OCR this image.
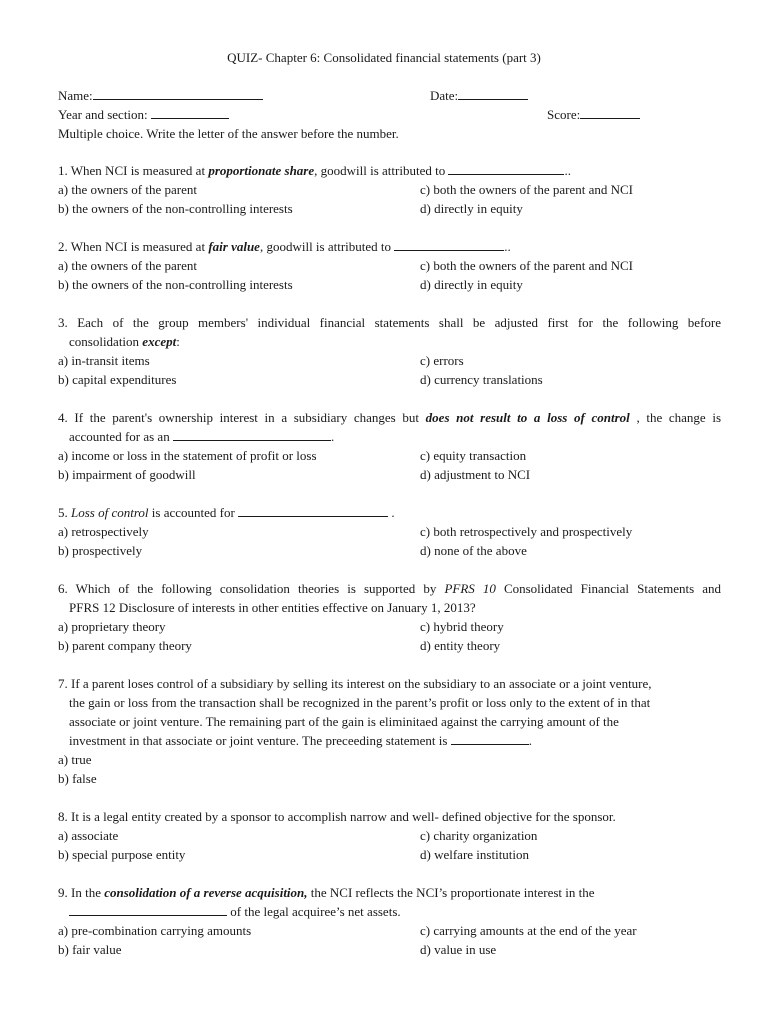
QUIZ- Chapter 6: Consolidated financial statements (part 3)
Name:	Date:
Year and section:	Score:
Multiple choice. Write the letter of the answer before the number.
1. When NCI is measured at proportionate share, goodwill is attributed to	..
a) the owners of the parent	c) both the owners of the parent and NCI
b) the owners of the non-controlling interests	d) directly in equity
2. When NCI is measured at fair value, goodwill is attributed to	..
a) the owners of the parent	c) both the owners of the parent and NCI
b) the owners of the non-controlling interests	d) directly in equity
3. Each of the group members' individual financial statements shall be adjusted first for the following before
consolidation except:
a) in-transit items	c) errors
b) capital expenditures	d) currency translations
4. If the parent's ownership interest in a subsidiary changes but does not result to a loss of control , the change is
accounted for as an	.
a) income or loss in the statement of profit or loss	c) equity transaction
b) impairment of goodwill	d) adjustment to NCI
5. Loss of control is accounted for	.
a) retrospectively	c) both retrospectively and prospectively
b) prospectively	d) none of the above
6. Which of the following consolidation theories is supported by PFRS 10 Consolidated Financial Statements and
PFRS 12 Disclosure of interests in other entities effective on January 1, 2013?
a) proprietary theory	c) hybrid theory
b) parent company theory	d) entity theory
7. If a parent loses control of a subsidiary by selling its interest on the subsidiary to an associate or a joint venture,
the gain or loss from the transaction shall be recognized in the parent’s profit or loss only to the extent of in that
associate or joint venture. The remaining part of the gain is eliminitaed against the carrying amount of the
investment in that associate or joint venture. The preceeding statement is	.
a) true
b) false
8. It is a legal entity created by a sponsor to accomplish narrow and well- defined objective for the sponsor.
a) associate	c) charity organization
b) special purpose entity	d) welfare institution
9. In the consolidation of a reverse acquisition, the NCI reflects the NCI’s proportionate interest in the
of the legal acquiree’s net assets.
a) pre-combination carrying amounts	c) carrying amounts at the end of the year
b) fair value	d) value in use
